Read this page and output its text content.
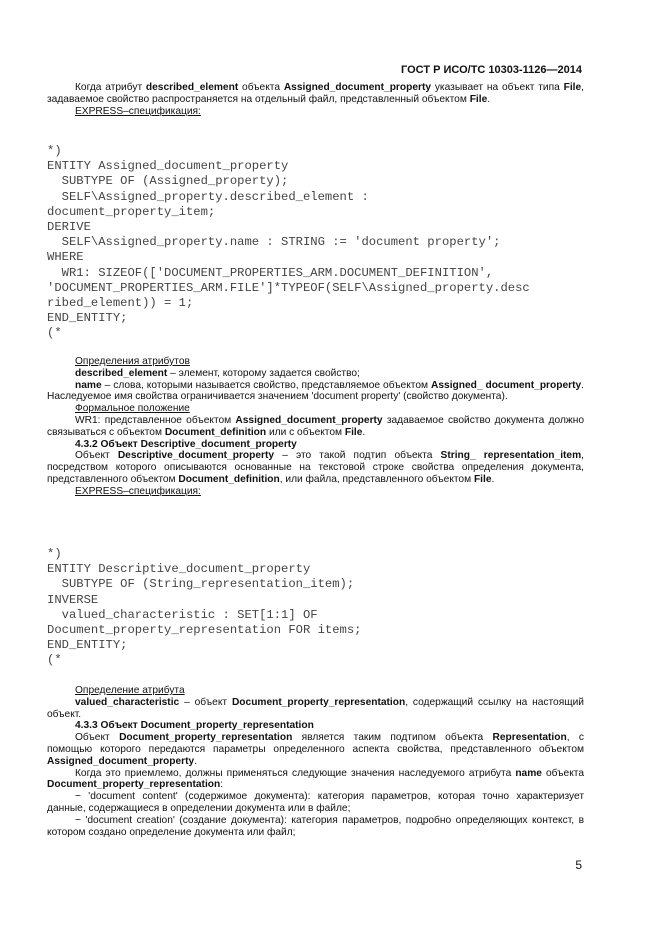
ГОСТ Р ИСО/ТС 10303-1126—2014

Когда атрибут described_element объекта Assigned_document_property указывает на объект типа File, задаваемое свойство распространяется на отдельный файл, представленный объектом File.

EXPRESS–спецификация:

*)
ENTITY Assigned_document_property
SUBTYPE OF (Assigned_property);
SELF\Assigned_property.described_element :
document_property_item;
DERIVE
SELF\Assigned_property.name : STRING := 'document property';
WHERE
WR1: SIZEOF(['DOCUMENT_PROPERTIES_ARM.DOCUMENT_DEFINITION',
'DOCUMENT_PROPERTIES_ARM.FILE']*TYPEOF(SELF\Assigned_property.desc
ribed_element)) = 1;
END_ENTITY;
(*

Определения атрибутов

described_element – элемент, которому задается свойство;

name – слова, которыми называется свойство, представляемое объектом Assigned_ document_property. Наследуемое имя свойства ограничивается значением 'document property' (свойство документа).

Формальное положение

WR1: представленное объектом Assigned_document_property задаваемое свойство документа должно связываться с объектом Document_definition или с объектом File.

4.3.2 Объект Descriptive_document_property

Объект Descriptive_document_property – это такой подтип объекта String_ representation_item, посредством которого описываются основанные на текстовой строке свойства определения документа, представленного объектом Document_definition, или файла, представленного объектом File.

EXPRESS–спецификация:

*)
ENTITY Descriptive_document_property
SUBTYPE OF (String_representation_item);
INVERSE
valued_characteristic : SET[1:1] OF
Document_property_representation FOR items;
END_ENTITY;
(*

Определение атрибута

valued_characteristic – объект Document_property_representation, содержащий ссылку на настоящий объект.

4.3.3 Объект Document_property_representation

Объект Document_property_representation является таким подтипом объекта Representation, с помощью которого передаются параметры определенного аспекта свойства, представленного объектом Assigned_document_property.

Когда это приемлемо, должны применяться следующие значения наследуемого атрибута name объекта Document_property_representation:

− 'document content' (содержимое документа): категория параметров, которая точно характеризует данные, содержащиеся в определении документа или в файле;

− 'document creation' (создание документа): категория параметров, подробно определяющих контекст, в котором создано определение документа или файл;

5
